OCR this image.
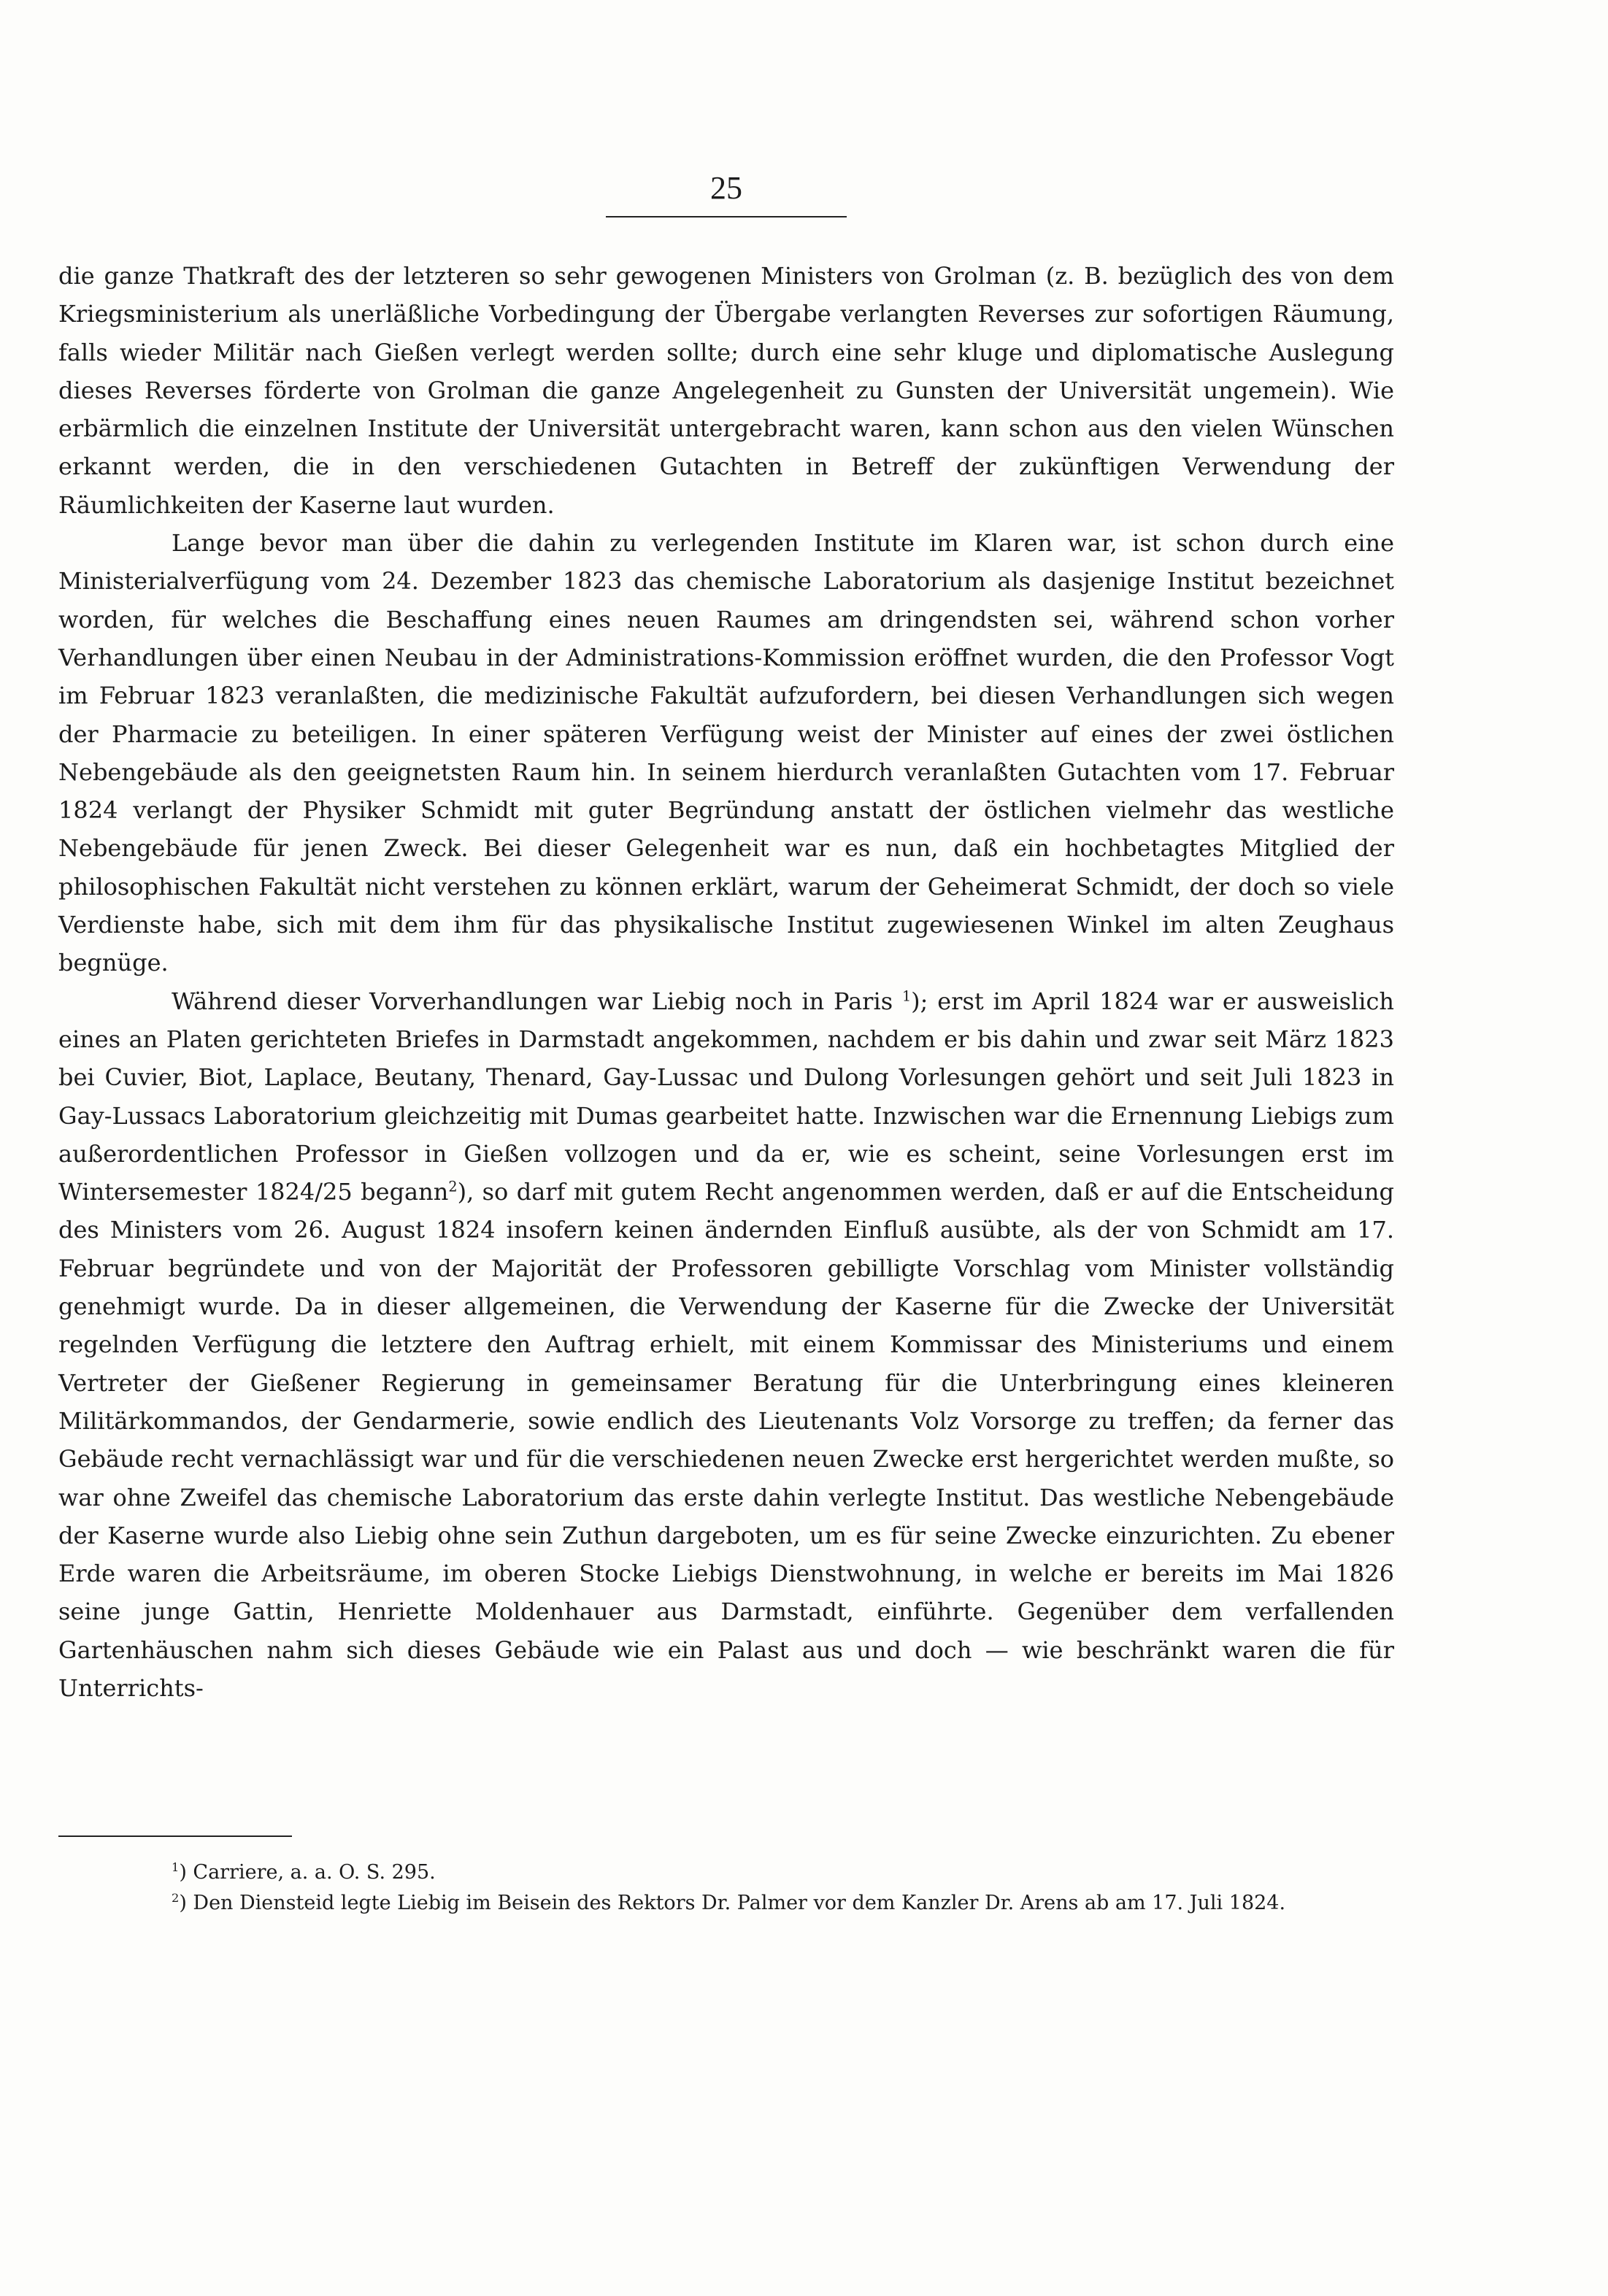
25

die ganze Thatkraft des der letzteren so sehr gewogenen Ministers von Grolman (z. B. bezüglich des von dem Kriegsministerium als unerläßliche Vorbedingung der Übergabe verlangten Reverses zur sofortigen Räumung, falls wieder Militär nach Gießen verlegt werden sollte; durch eine sehr kluge und diplomatische Auslegung dieses Reverses förderte von Grolman die ganze Angelegenheit zu Gunsten der Universität ungemein). Wie erbärmlich die einzelnen Institute der Universität untergebracht waren, kann schon aus den vielen Wünschen erkannt werden, die in den verschiedenen Gutachten in Betreff der zukünftigen Verwendung der Räumlichkeiten der Kaserne laut wurden.

Lange bevor man über die dahin zu verlegenden Institute im Klaren war, ist schon durch eine Ministerialverfügung vom 24. Dezember 1823 das chemische Laboratorium als dasjenige Institut bezeichnet worden, für welches die Beschaffung eines neuen Raumes am dringendsten sei, während schon vorher Verhandlungen über einen Neubau in der Administrations-Kommission eröffnet wurden, die den Professor Vogt im Februar 1823 veranlaßten, die medizinische Fakultät aufzufordern, bei diesen Verhandlungen sich wegen der Pharmacie zu beteiligen. In einer späteren Verfügung weist der Minister auf eines der zwei östlichen Nebengebäude als den geeignetsten Raum hin. In seinem hierdurch veranlaßten Gutachten vom 17. Februar 1824 verlangt der Physiker Schmidt mit guter Begründung anstatt der östlichen vielmehr das westliche Nebengebäude für jenen Zweck. Bei dieser Gelegenheit war es nun, daß ein hochbetagtes Mitglied der philosophischen Fakultät nicht verstehen zu können erklärt, warum der Geheimerat Schmidt, der doch so viele Verdienste habe, sich mit dem ihm für das physikalische Institut zugewiesenen Winkel im alten Zeughaus begnüge.

Während dieser Vorverhandlungen war Liebig noch in Paris $^1$); erst im April 1824 war er ausweislich eines an Platen gerichteten Briefes in Darmstadt angekommen, nachdem er bis dahin und zwar seit März 1823 bei Cuvier, Biot, Laplace, Beutany, Thenard, Gay-Lussac und Dulong Vorlesungen gehört und seit Juli 1823 in Gay-Lussacs Laboratorium gleichzeitig mit Dumas gearbeitet hatte. Inzwischen war die Ernennung Liebigs zum außerordentlichen Professor in Gießen vollzogen und da er, wie es scheint, seine Vorlesungen erst im Wintersemester 1824/25 begann$^2$), so darf mit gutem Recht angenommen werden, daß er auf die Entscheidung des Ministers vom 26. August 1824 insofern keinen ändernden Einfluß ausübte, als der von Schmidt am 17. Februar begründete und von der Majorität der Professoren gebilligte Vorschlag vom Minister vollständig genehmigt wurde. Da in dieser allgemeinen, die Verwendung der Kaserne für die Zwecke der Universität regelnden Verfügung die letztere den Auftrag erhielt, mit einem Kommissar des Ministeriums und einem Vertreter der Gießener Regierung in gemeinsamer Beratung für die Unterbringung eines kleineren Militärkommandos, der Gendarmerie, sowie endlich des Lieutenants Volz Vorsorge zu treffen; da ferner das Gebäude recht vernachlässigt war und für die verschiedenen neuen Zwecke erst hergerichtet werden mußte, so war ohne Zweifel das chemische Laboratorium das erste dahin verlegte Institut. Das westliche Nebengebäude der Kaserne wurde also Liebig ohne sein Zuthun dargeboten, um es für seine Zwecke einzurichten. Zu ebener Erde waren die Arbeitsräume, im oberen Stocke Liebigs Dienstwohnung, in welche er bereits im Mai 1826 seine junge Gattin, Henriette Moldenhauer aus Darmstadt, einführte. Gegenüber dem verfallenden Gartenhäuschen nahm sich dieses Gebäude wie ein Palast aus und doch — wie beschränkt waren die für Unterrichts-

$^1$) Carriere, a. a. O. S. 295.

$^2$) Den Diensteid legte Liebig im Beisein des Rektors Dr. Palmer vor dem Kanzler Dr. Arens ab am 17. Juli 1824.
